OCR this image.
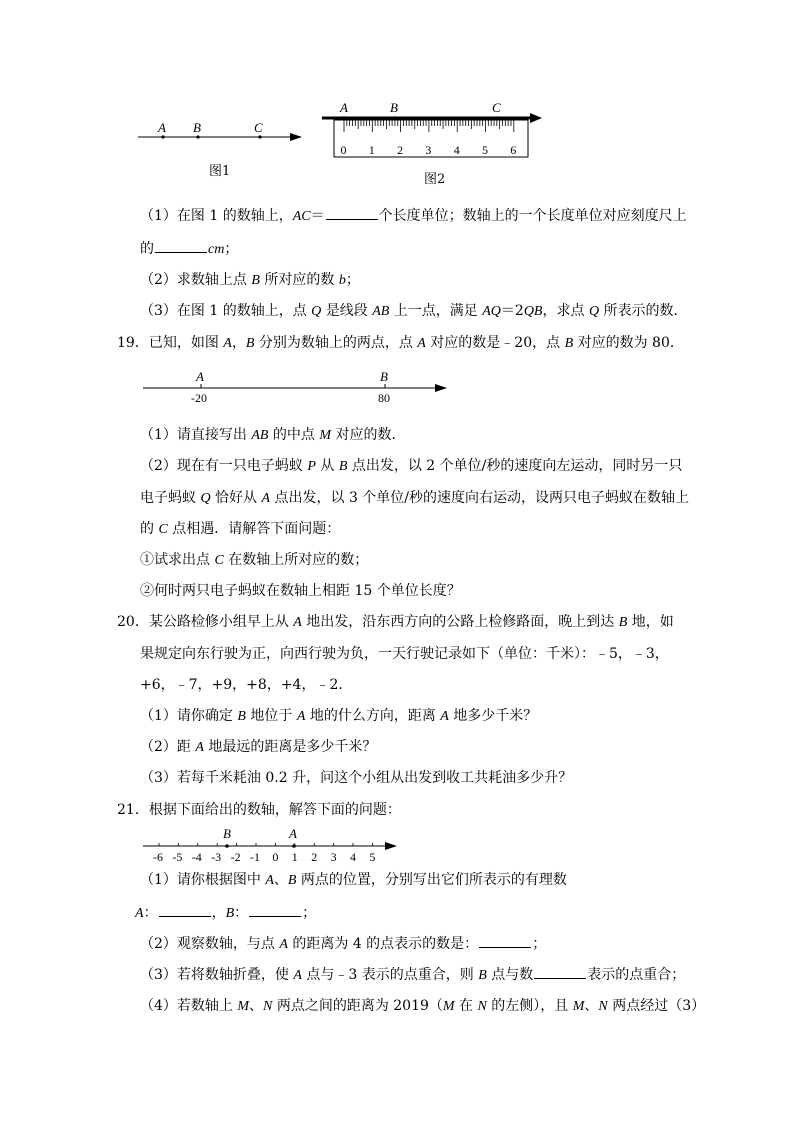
A B	C
图1
A	B	C
0 1 2 3 4 5 6
图2
（1）在图 1 的数轴上，AC＝	个长度单位；数轴上的一个长度单位对应刻度尺上
的	cm；
（2）求数轴上点 B 所对应的数 b；
（3）在图 1 的数轴上，点 Q 是线段 AB 上一点，满足 AQ＝2QB，求点 Q 所表示的数．
19．已知，如图 A，B 分别为数轴上的两点，点 A 对应的数是﹣20，点 B 对应的数为 80．
A	B
-20	80
（1）请直接写出 AB 的中点 M 对应的数．
（2）现在有一只电子蚂蚁 P 从 B 点出发，以 2 个单位/秒的速度向左运动，同时另一只
电子蚂蚁 Q 恰好从 A 点出发，以 3 个单位/秒的速度向右运动，设两只电子蚂蚁在数轴上
的 C 点相遇．请解答下面问题：
①试求出点 C 在数轴上所对应的数；
②何时两只电子蚂蚁在数轴上相距 15 个单位长度？
20．某公路检修小组早上从 A 地出发，沿东西方向的公路上检修路面，晚上到达 B 地，如
果规定向东行驶为正，向西行驶为负，一天行驶记录如下（单位：千米）：﹣5，﹣3，
+6，﹣7，+9，+8，+4，﹣2．
（1）请你确定 B 地位于 A 地的什么方向，距离 A 地多少千米？
（2）距 A 地最远的距离是多少千米？
（3）若每千米耗油 0.2 升，问这个小组从出发到收工共耗油多少升？
21．根据下面给出的数轴，解答下面的问题：
B	A
-6 -5 -4 -3 -2 -1 0 1 2 3 4 5
（1）请你根据图中 A、B 两点的位置，分别写出它们所表示的有理数
A：	，B：	；
（2）观察数轴，与点 A 的距离为 4 的点表示的数是：	；
（3）若将数轴折叠，使 A 点与﹣3 表示的点重合，则 B 点与数	表示的点重合；
（4）若数轴上 M、N 两点之间的距离为 2019（M 在 N 的左侧），且 M、N 两点经过（3）
